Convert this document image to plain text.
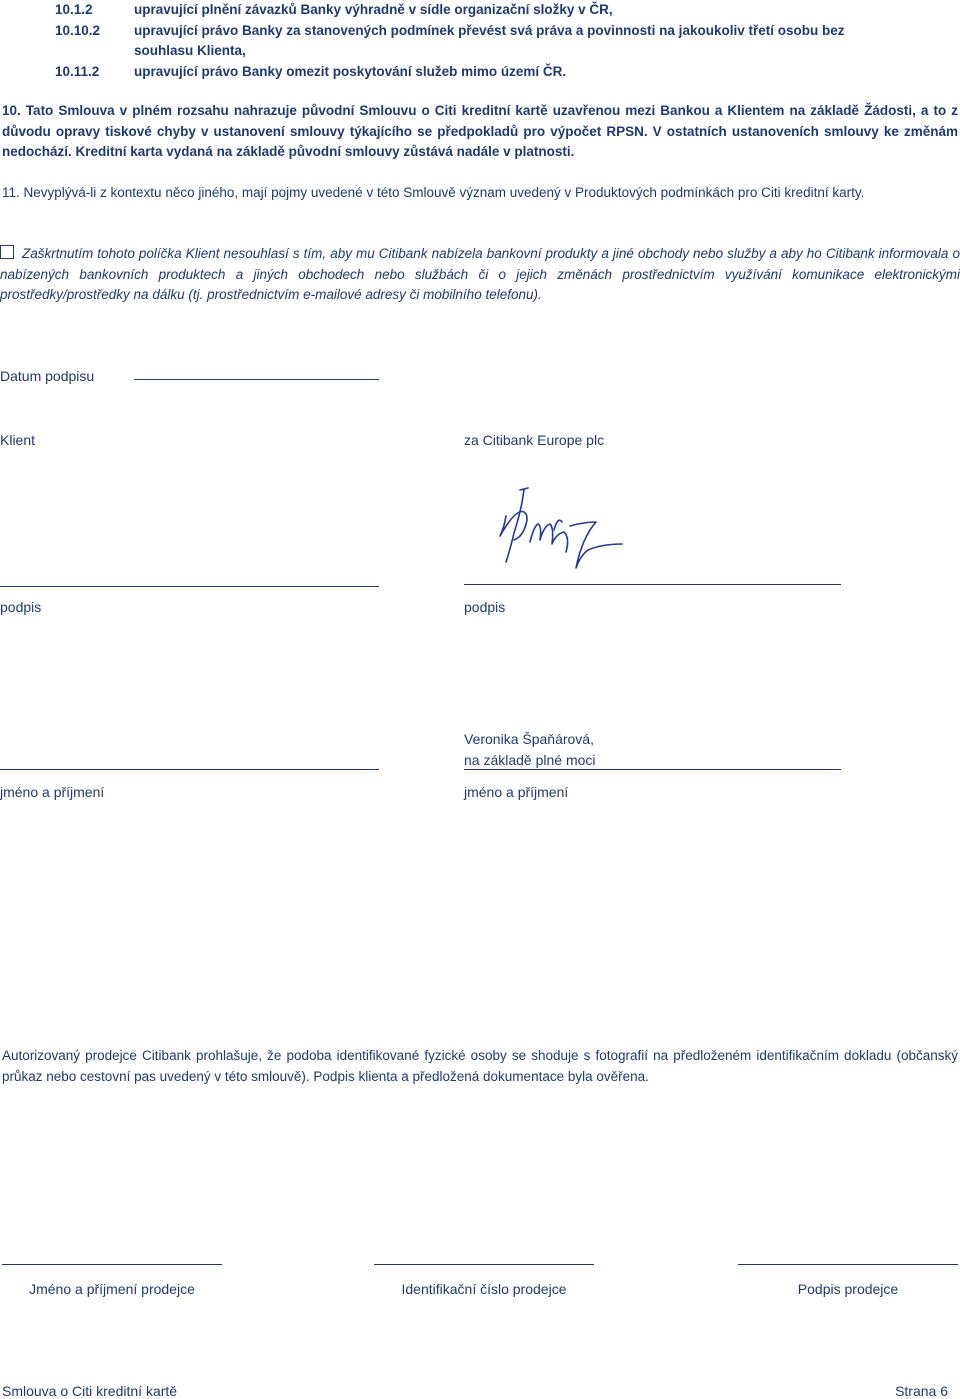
10.1.2	upravující plnění závazků Banky výhradně v sídle organizační složky v ČR,
10.10.2	upravující právo Banky za stanovených podmínek převést svá práva a povinnosti na jakoukoliv třetí osobu bez souhlasu Klienta,
10.11.2	upravující právo Banky omezit poskytování služeb mimo území ČR.
10. Tato Smlouva v plném rozsahu nahrazuje původní Smlouvu o Citi kreditní kartě uzavřenou mezi Bankou a Klientem na základě Žádosti, a to z důvodu opravy tiskové chyby v ustanovení smlouvy týkajícího se předpokladů pro výpočet RPSN. V ostatních ustanoveních smlouvy ke změnám nedochází. Kreditní karta vydaná na základě původní smlouvy zůstává nadále v platnosti.
11. Nevyplývá-li z kontextu něco jiného, mají pojmy uvedené v této Smlouvě význam uvedený v Produktových podmínkách pro Citi kreditní karty.
Zaškrtnutím tohoto políčka Klient nesouhlasí s tím, aby mu Citibank nabízela bankovní produkty a jiné obchody nebo služby a aby ho Citibank informovala o nabízených bankovních produktech a jiných obchodech nebo službách či o jejich změnách prostřednictvím využívání komunikace elektronickými prostředky/prostředky na dálku (tj. prostřednictvím e-mailové adresy či mobilního telefonu).
Datum podpisu
Klient	za Citibank Europe plc
podpis	podpis
Veronika Špaňárová,
na základě plné moci
jméno a příjmení	jméno a příjmení
Autorizovaný prodejce Citibank prohlašuje, že podoba identifikované fyzické osoby se shoduje s fotografií na předloženém identifikačním dokladu (občanský průkaz nebo cestovní pas uvedený v této smlouvě). Podpis klienta a předložená dokumentace byla ověřena.
Jméno a příjmení prodejce	Identifikační číslo prodejce	Podpis prodejce
Smlouva o Citi kreditní kartě	Strana 6
